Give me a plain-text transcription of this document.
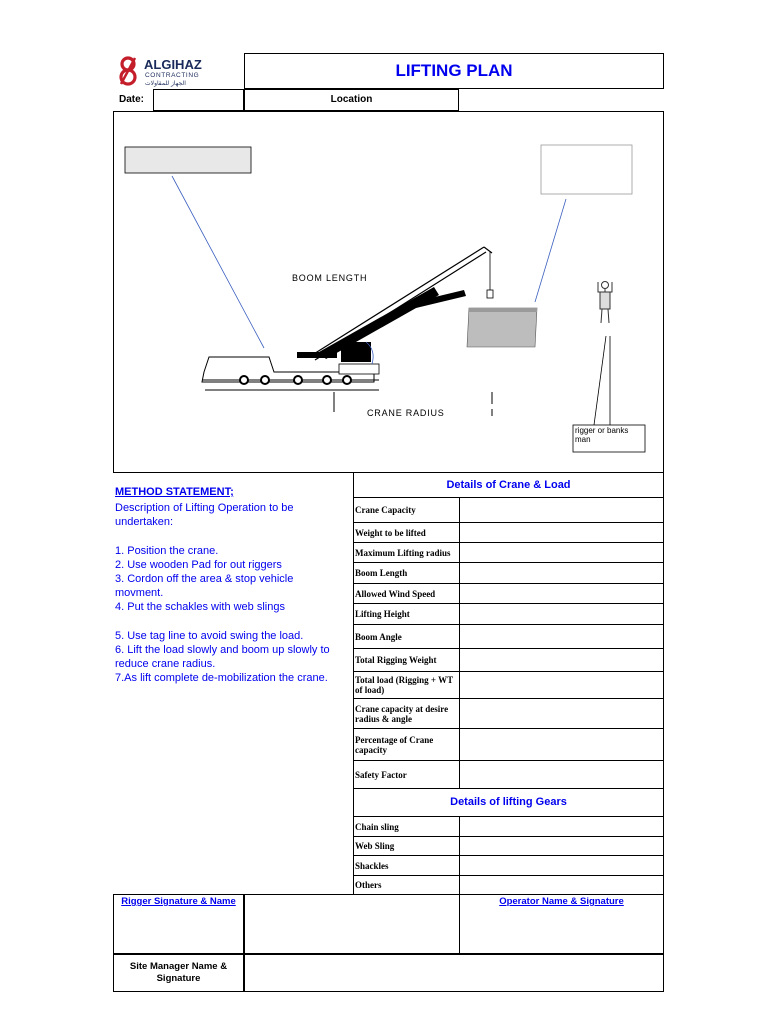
ALGIHAZ
CONTRACTING
الجهاز للمقاولات
LIFTING PLAN
Date:	Location
BOOM LENGTH
CRANE RADIUS
rigger or banks man
METHOD STATEMENT;
Description of Lifting Operation to be
undertaken:
1. Position the crane.
2. Use wooden Pad for out riggers
3. Cordon off the area & stop vehicle
movment.
4. Put the schakles with web slings
5. Use tag line to avoid swing the load.
6. Lift the load slowly and boom up slowly to
reduce crane radius.
7.As lift complete de-mobilization the crane.
Details of Crane & Load
Crane Capacity
Weight to be lifted
Maximum Lifting radius
Boom Length
Allowed Wind Speed
Lifting Height
Boom Angle
Total Rigging Weight
Total load (Rigging + WT of load)
Crane capacity at desire radius & angle
Percentage of Crane capacity
Safety Factor
Details of lifting Gears
Chain sling
Web Sling
Shackles
Others
Rigger Signature & Name	Operator Name & Signature
Site Manager Name & Signature
